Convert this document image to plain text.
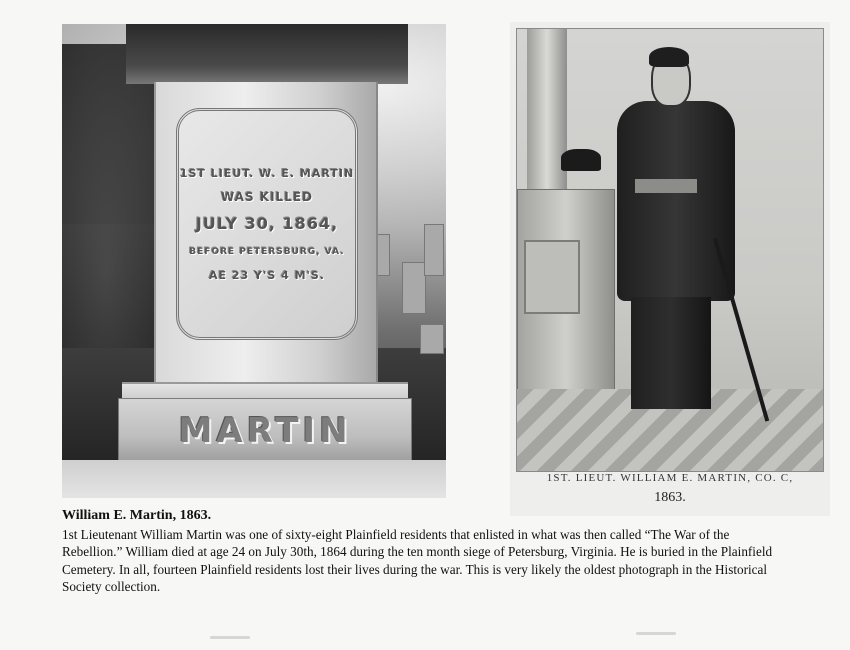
1ST LIEUT. W. E. MARTIN
WAS KILLED
JULY 30, 1864,
BEFORE PETERSBURG, VA.
AE 23 Y'S 4 M'S.
MARTIN
1ST. LIEUT. WILLIAM E. MARTIN, CO. C,
1863.

William E. Martin, 1863.

1st Lieutenant William Martin was one of sixty-eight Plainfield residents that enlisted in what was then called “The War of the Rebellion.” William died at age 24 on July 30th, 1864 during the ten month siege of Petersburg, Virginia. He is buried in the Plainfield Cemetery. In all, fourteen Plainfield residents lost their lives during the war. This is very likely the oldest photograph in the Historical Society collection.
